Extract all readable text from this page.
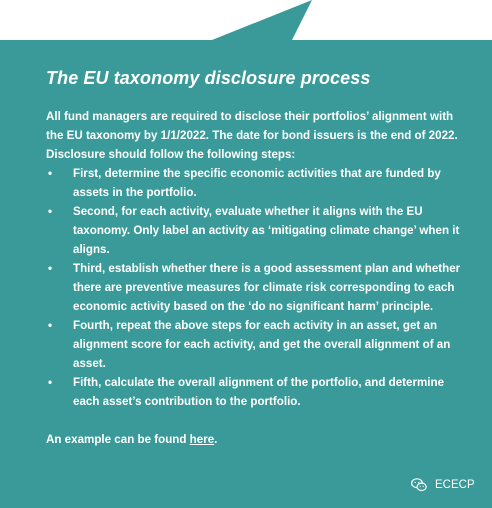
The EU taxonomy disclosure process

All fund managers are required to disclose their portfolios’ alignment with the EU taxonomy by 1/1/2022. The date for bond issuers is the end of 2022. Disclosure should follow the following steps:

• First, determine the specific economic activities that are funded by assets in the portfolio.
• Second, for each activity, evaluate whether it aligns with the EU taxonomy. Only label an activity as ‘mitigating climate change’ when it aligns.
• Third, establish whether there is a good assessment plan and whether there are preventive measures for climate risk corresponding to each economic activity based on the ‘do no significant harm’ principle.
• Fourth, repeat the above steps for each activity in an asset, get an alignment score for each activity, and get the overall alignment of an asset.
• Fifth, calculate the overall alignment of the portfolio, and determine each asset’s contribution to the portfolio.

An example can be found here.

ECECP
